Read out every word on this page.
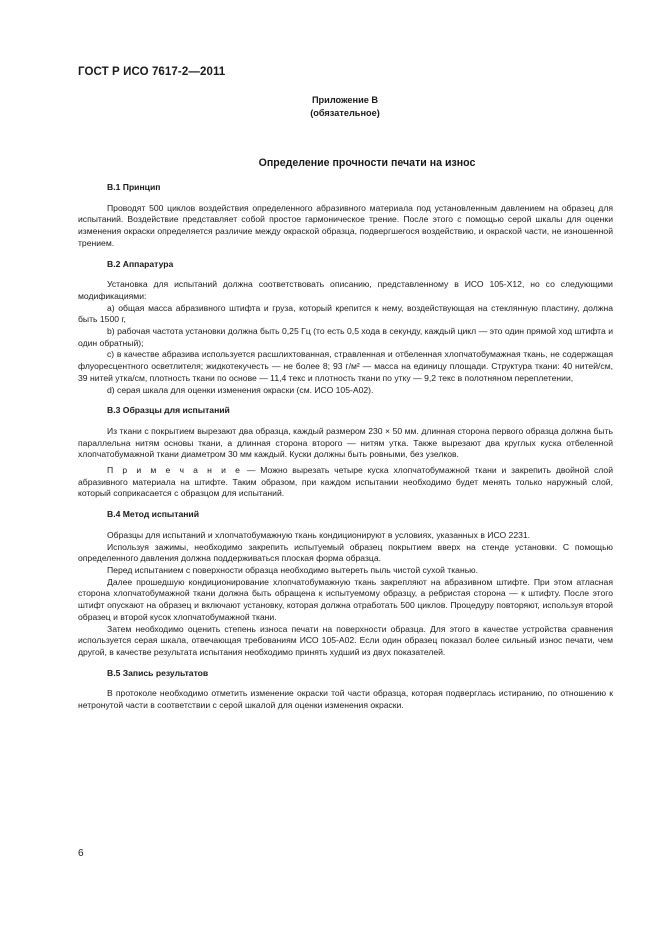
ГОСТ Р ИСО 7617-2—2011
Приложение В
(обязательное)
Определение прочности печати на износ

В.1 Принцип

Проводят 500 циклов воздействия определенного абразивного материала под установленным давлением на образец для испытаний. Воздействие представляет собой простое гармоническое трение. После этого с помощью серой шкалы для оценки изменения окраски определяется различие между окраской образца, подвергшегося воздействию, и окраской части, не изношенной трением.

В.2 Аппаратура

Установка для испытаний должна соответствовать описанию, представленному в ИСО 105-X12, но со следующими модификациями:

a) общая масса абразивного штифта и груза, который крепится к нему, воздействующая на стеклянную пластину, должна быть 1500 г,

b) рабочая частота установки должна быть 0,25 Гц (то есть 0,5 хода в секунду, каждый цикл — это один прямой ход штифта и один обратный);

c) в качестве абразива используется расшлихтованная, стравленная и отбеленная хлопчатобумажная ткань, не содержащая флуоресцентного осветлителя; жидкотекучесть — не более 8; 93 г/м² — масса на единицу площади. Структура ткани: 40 нитей/см, 39 нитей утка/см, плотность ткани по основе — 11,4 текс и плотность ткани по утку — 9,2 текс в полотняном переплетении,

d) серая шкала для оценки изменения окраски (см. ИСО 105-А02).

В.3 Образцы для испытаний

Из ткани с покрытием вырезают два образца, каждый размером 230 × 50 мм. длинная сторона первого образца должна быть параллельна нитям основы ткани, а длинная сторона второго — нитям утка. Также вырезают два круглых куска отбеленной хлопчатобумажной ткани диаметром 30 мм каждый. Куски должны быть ровными, без узелков.

П р и м е ч а н и е — Можно вырезать четыре куска хлопчатобумажной ткани и закрепить двойной слой абразивного материала на штифте. Таким образом, при каждом испытании необходимо будет менять только наружный слой, который соприкасается с образцом для испытаний.

В.4 Метод испытаний

Образцы для испытаний и хлопчатобумажную ткань кондиционируют в условиях, указанных в ИСО 2231.

Используя зажимы, необходимо закрепить испытуемый образец покрытием вверх на стенде установки. С помощью определенного давления должна поддерживаться плоская форма образца.

Перед испытанием с поверхности образца необходимо вытереть пыль чистой сухой тканью.

Далее прошедшую кондиционирование хлопчатобумажную ткань закрепляют на абразивном штифте. При этом атласная сторона хлопчатобумажной ткани должна быть обращена к испытуемому образцу, а ребристая сторона — к штифту. После этого штифт опускают на образец и включают установку, которая должна отработать 500 циклов. Процедуру повторяют, используя второй образец и второй кусок хлопчатобумажной ткани.

Затем необходимо оценить степень износа печати на поверхности образца. Для этого в качестве устройства сравнения используется серая шкала, отвечающая требованиям ИСО 105-А02. Если один образец показал более сильный износ печати, чем другой, в качестве результата испытания необходимо принять худший из двух показателей.

В.5 Запись результатов

В протоколе необходимо отметить изменение окраски той части образца, которая подверглась истиранию, по отношению к нетронутой части в соответствии с серой шкалой для оценки изменения окраски.

6
